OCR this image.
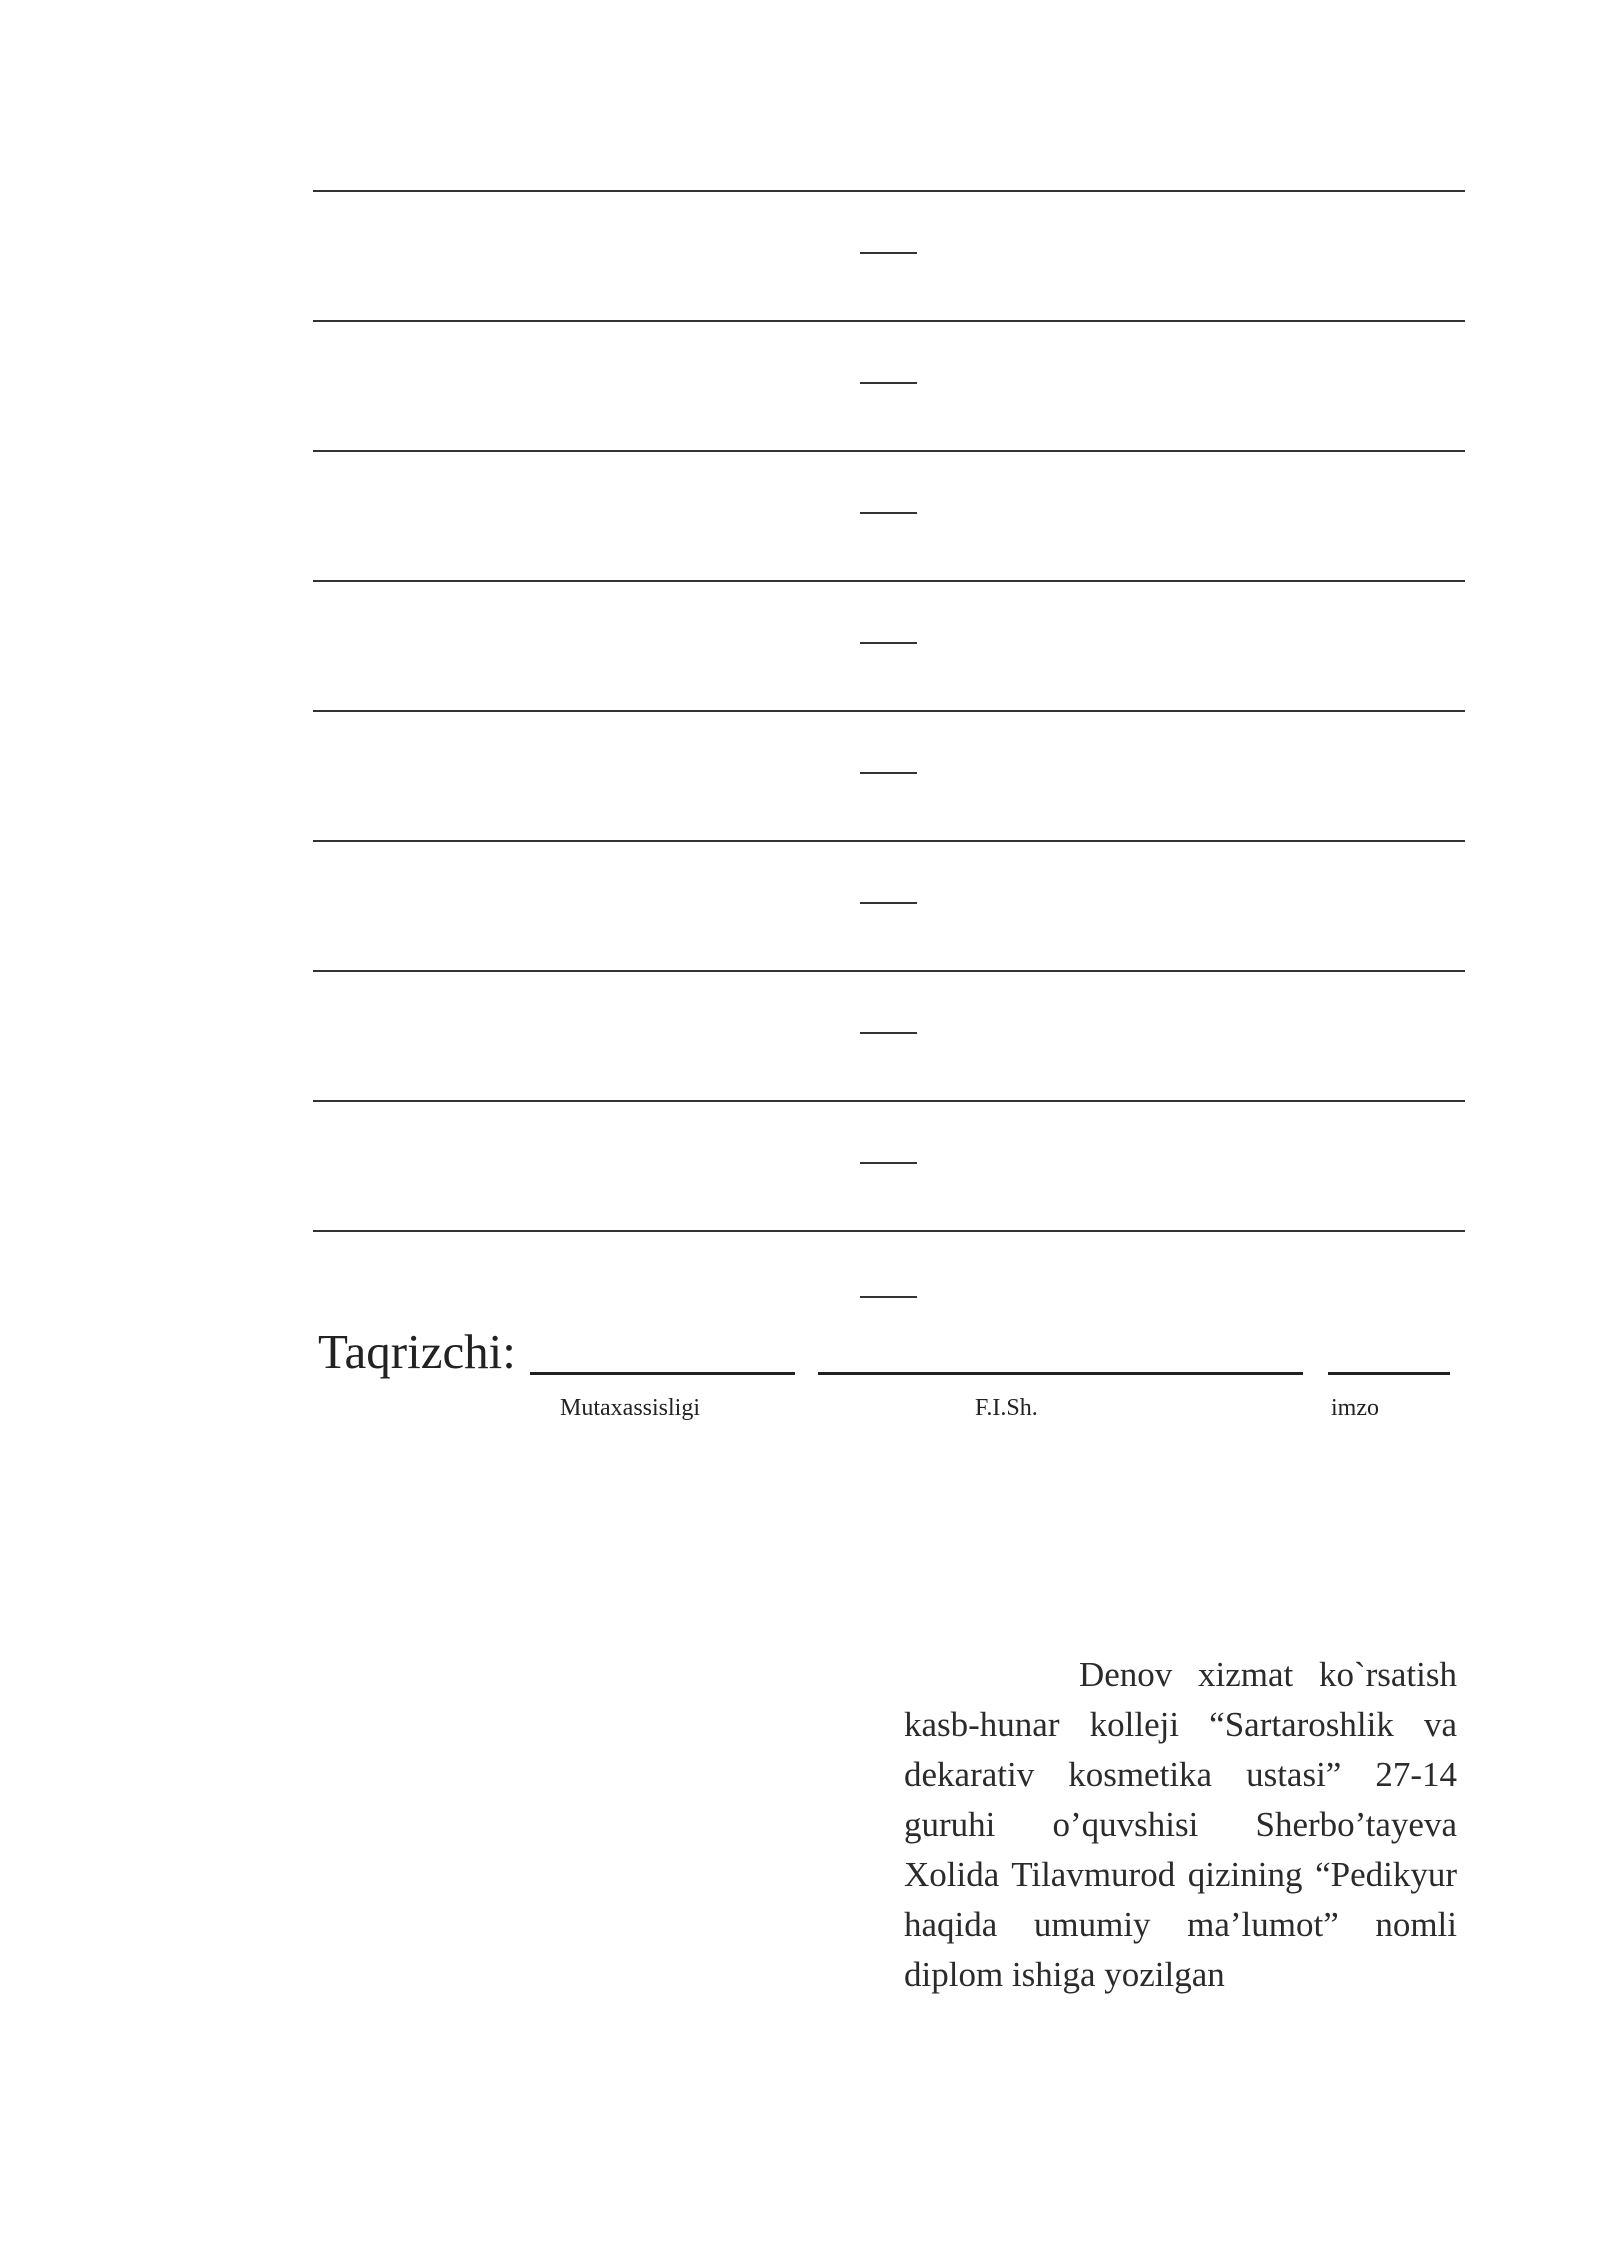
Taqrizchi:
Mutaxassisligi	F.I.Sh.	imzo
Denov xizmat ko`rsatish kasb-hunar kolleji “Sartaroshlik va dekarativ kosmetika ustasi” 27-14 guruhi o’quvshisi Sherbo’tayeva Xolida Tilavmurod qizining “Pedikyur haqida umumiy ma’lumot” nomli diplom ishiga yozilgan
